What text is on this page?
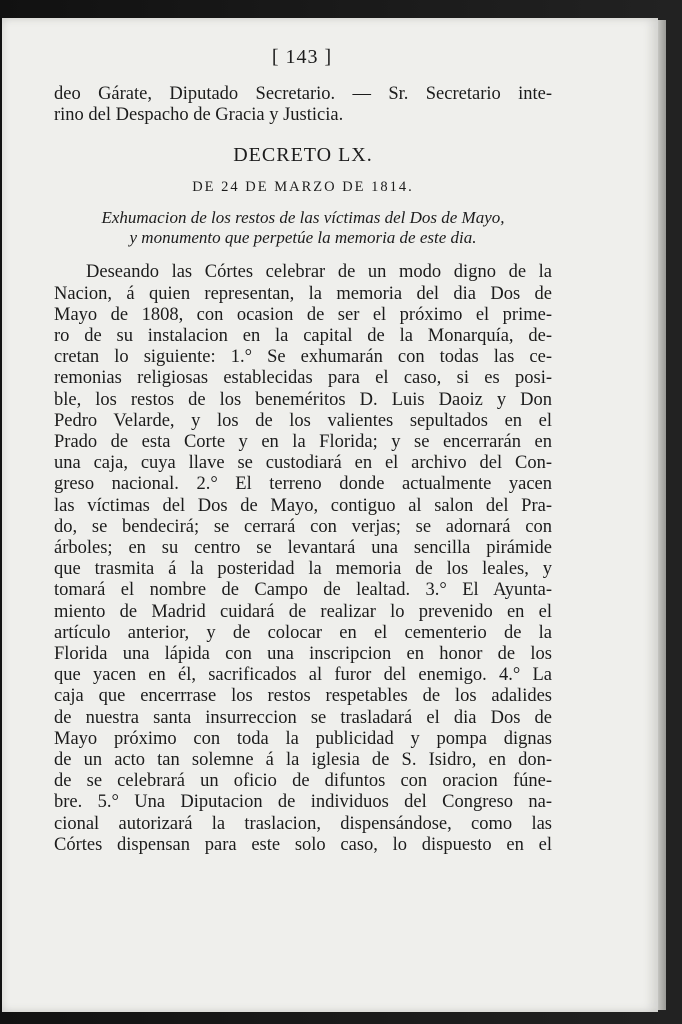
[ 143 ]
deo Gárate, Diputado Secretario. — Sr. Secretario inte-
rino del Despacho de Gracia y Justicia.
DECRETO LX.
DE 24 DE MARZO DE 1814.
Exhumacion de los restos de las víctimas del Dos de Mayo,
y monumento que perpetúe la memoria de este dia.
Deseando las Córtes celebrar de un modo digno de la
Nacion, á quien representan, la memoria del dia Dos de
Mayo de 1808, con ocasion de ser el próximo el prime-
ro de su instalacion en la capital de la Monarquía, de-
cretan lo siguiente: 1.° Se exhumarán con todas las ce-
remonias religiosas establecidas para el caso, si es posi-
ble, los restos de los beneméritos D. Luis Daoiz y Don
Pedro Velarde, y los de los valientes sepultados en el
Prado de esta Corte y en la Florida; y se encerrarán en
una caja, cuya llave se custodiará en el archivo del Con-
greso nacional. 2.° El terreno donde actualmente yacen
las víctimas del Dos de Mayo, contiguo al salon del Pra-
do, se bendecirá; se cerrará con verjas; se adornará con
árboles; en su centro se levantará una sencilla pirámide
que trasmita á la posteridad la memoria de los leales, y
tomará el nombre de Campo de lealtad. 3.° El Ayunta-
miento de Madrid cuidará de realizar lo prevenido en el
artículo anterior, y de colocar en el cementerio de la
Florida una lápida con una inscripcion en honor de los
que yacen en él, sacrificados al furor del enemigo. 4.° La
caja que encerrrase los restos respetables de los adalides
de nuestra santa insurreccion se trasladará el dia Dos de
Mayo próximo con toda la publicidad y pompa dignas
de un acto tan solemne á la iglesia de S. Isidro, en don-
de se celebrará un oficio de difuntos con oracion fúne-
bre. 5.° Una Diputacion de individuos del Congreso na-
cional autorizará la traslacion, dispensándose, como las
Córtes dispensan para este solo caso, lo dispuesto en el
